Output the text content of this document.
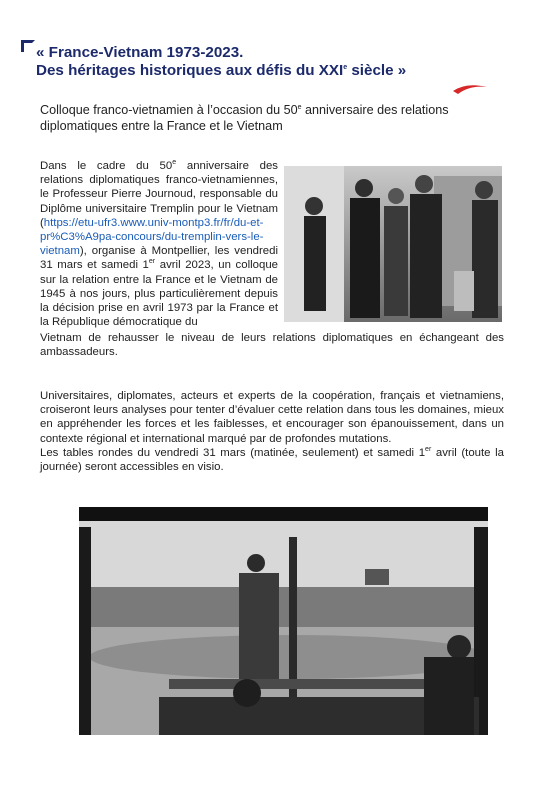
« France-Vietnam 1973-2023.
Des héritages historiques aux défis du XXIe siècle »
Colloque franco-vietnamien à l’occasion du 50e anniversaire des relations diplomatiques entre la France et le Vietnam
Dans le cadre du 50e anniversaire des relations diplomatiques franco-vietnamiennes, le Professeur Pierre Journoud, responsable du Diplôme universitaire Tremplin pour le Vietnam (https://etu-ufr3.www.univ-montp3.fr/fr/du-et-pr%C3%A9pa-concours/du-tremplin-vers-le-vietnam), organise à Montpellier, les vendredi 31 mars et samedi 1er avril 2023, un colloque sur la relation entre la France et le Vietnam de 1945 à nos jours, plus particulièrement depuis la décision prise en avril 1973 par la France et la République démocratique du
Vietnam de rehausser le niveau de leurs relations diplomatiques en échangeant des ambassadeurs.
Universitaires, diplomates, acteurs et experts de la coopération, français et vietnamiens, croiseront leurs analyses pour tenter d’évaluer cette relation dans tous les domaines, mieux en appréhender les forces et les faiblesses, et encourager son épanouissement, dans un contexte régional et international marqué par de profondes mutations.
Les tables rondes du vendredi 31 mars (matinée, seulement) et samedi 1er avril (toute la journée) seront accessibles en visio.
